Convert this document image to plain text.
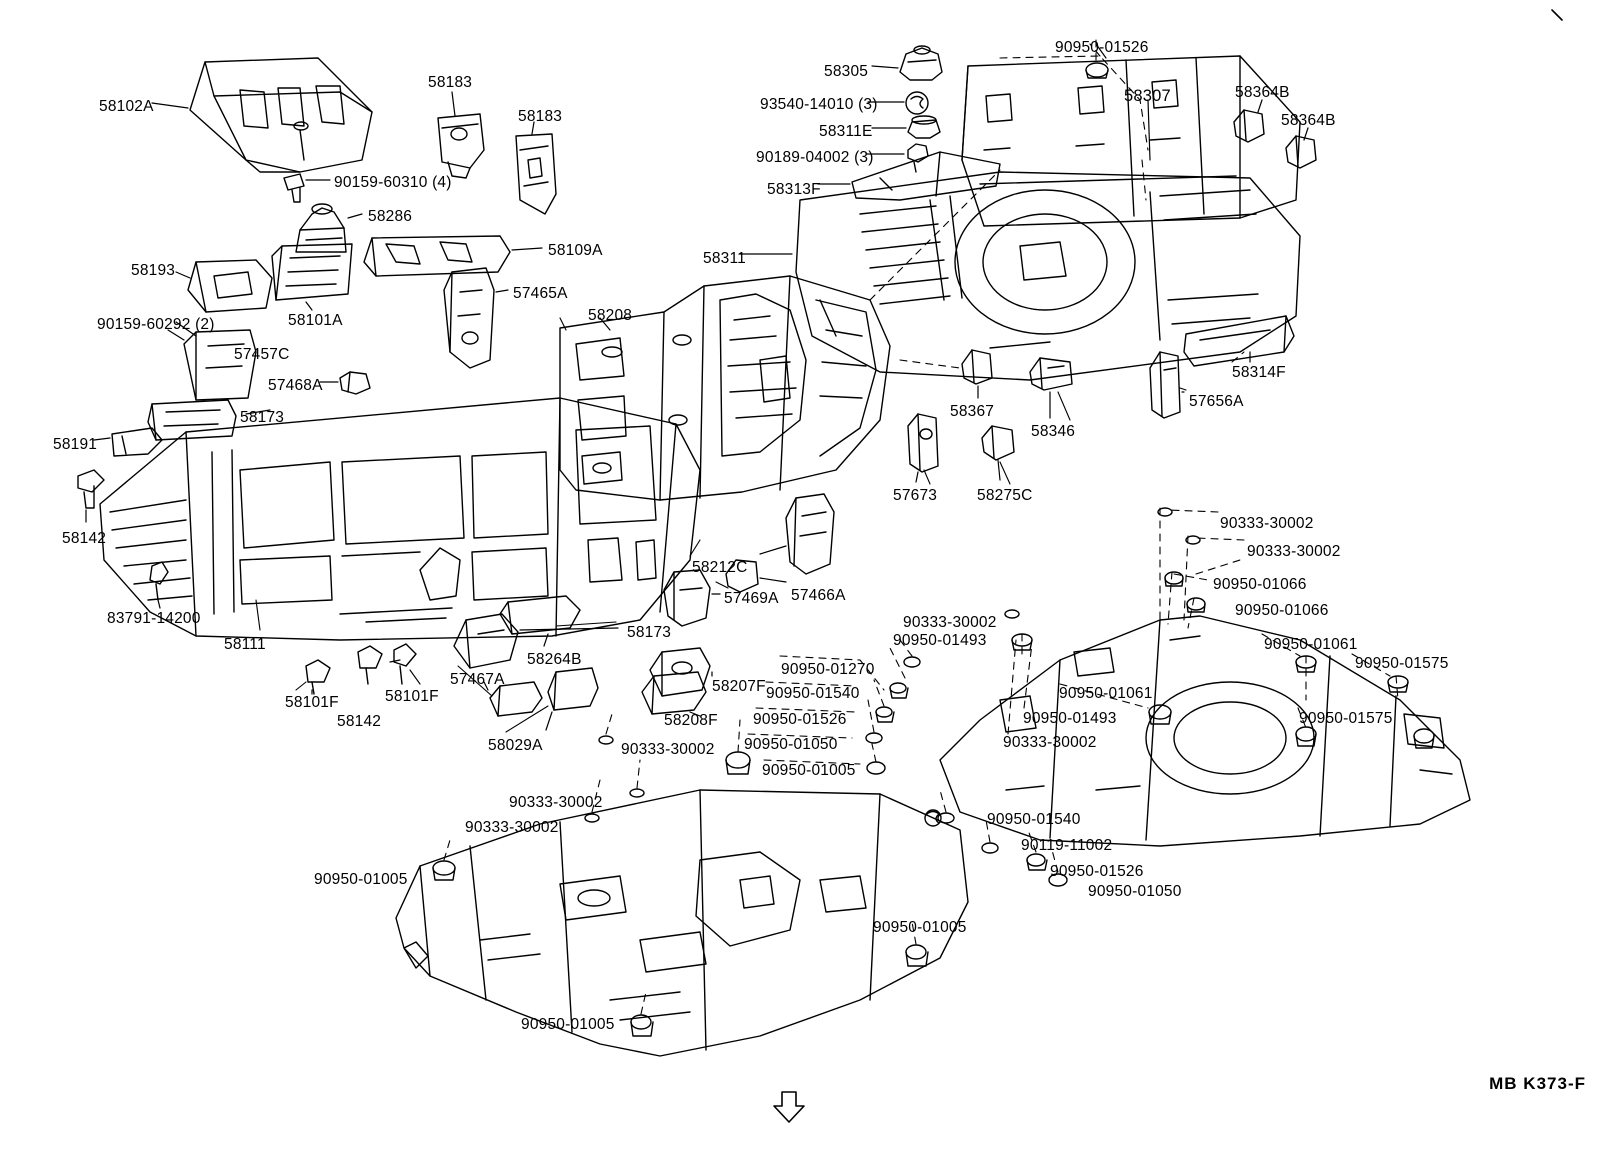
58102A
58183
58183
90159-60310 (4)
58286
58109A
58193
58101A
57465A
58208
90159-60292 (2)
57457C
57468A
58173
58191
58142
83791-14200
58111
58101F	58101F
58142
57467A
58029A
58264B
58173
57469A 57466A
58212C
58207F
58208F
58305
93540-14010 (3)
58311E
90189-04002 (3)
58313F
58311
90950-01526
58307	58364B
58364B
58314F
57656A
58367
58346
57673	58275C
90333-30002
90333-30002
90950-01066
90950-01066
90950-01061
90950-01575
90950-01061
90950-01575
90950-01493
90333-30002
90333-30002
90950-01493
90950-01270
90950-01540
90950-01526
90950-01050
90950-01005
90333-30002
90333-30002
90333-30002
90950-01005
90950-01540
90119-11002
90950-01526
90950-01050
90950-01005
90950-01005
MB K373-F
